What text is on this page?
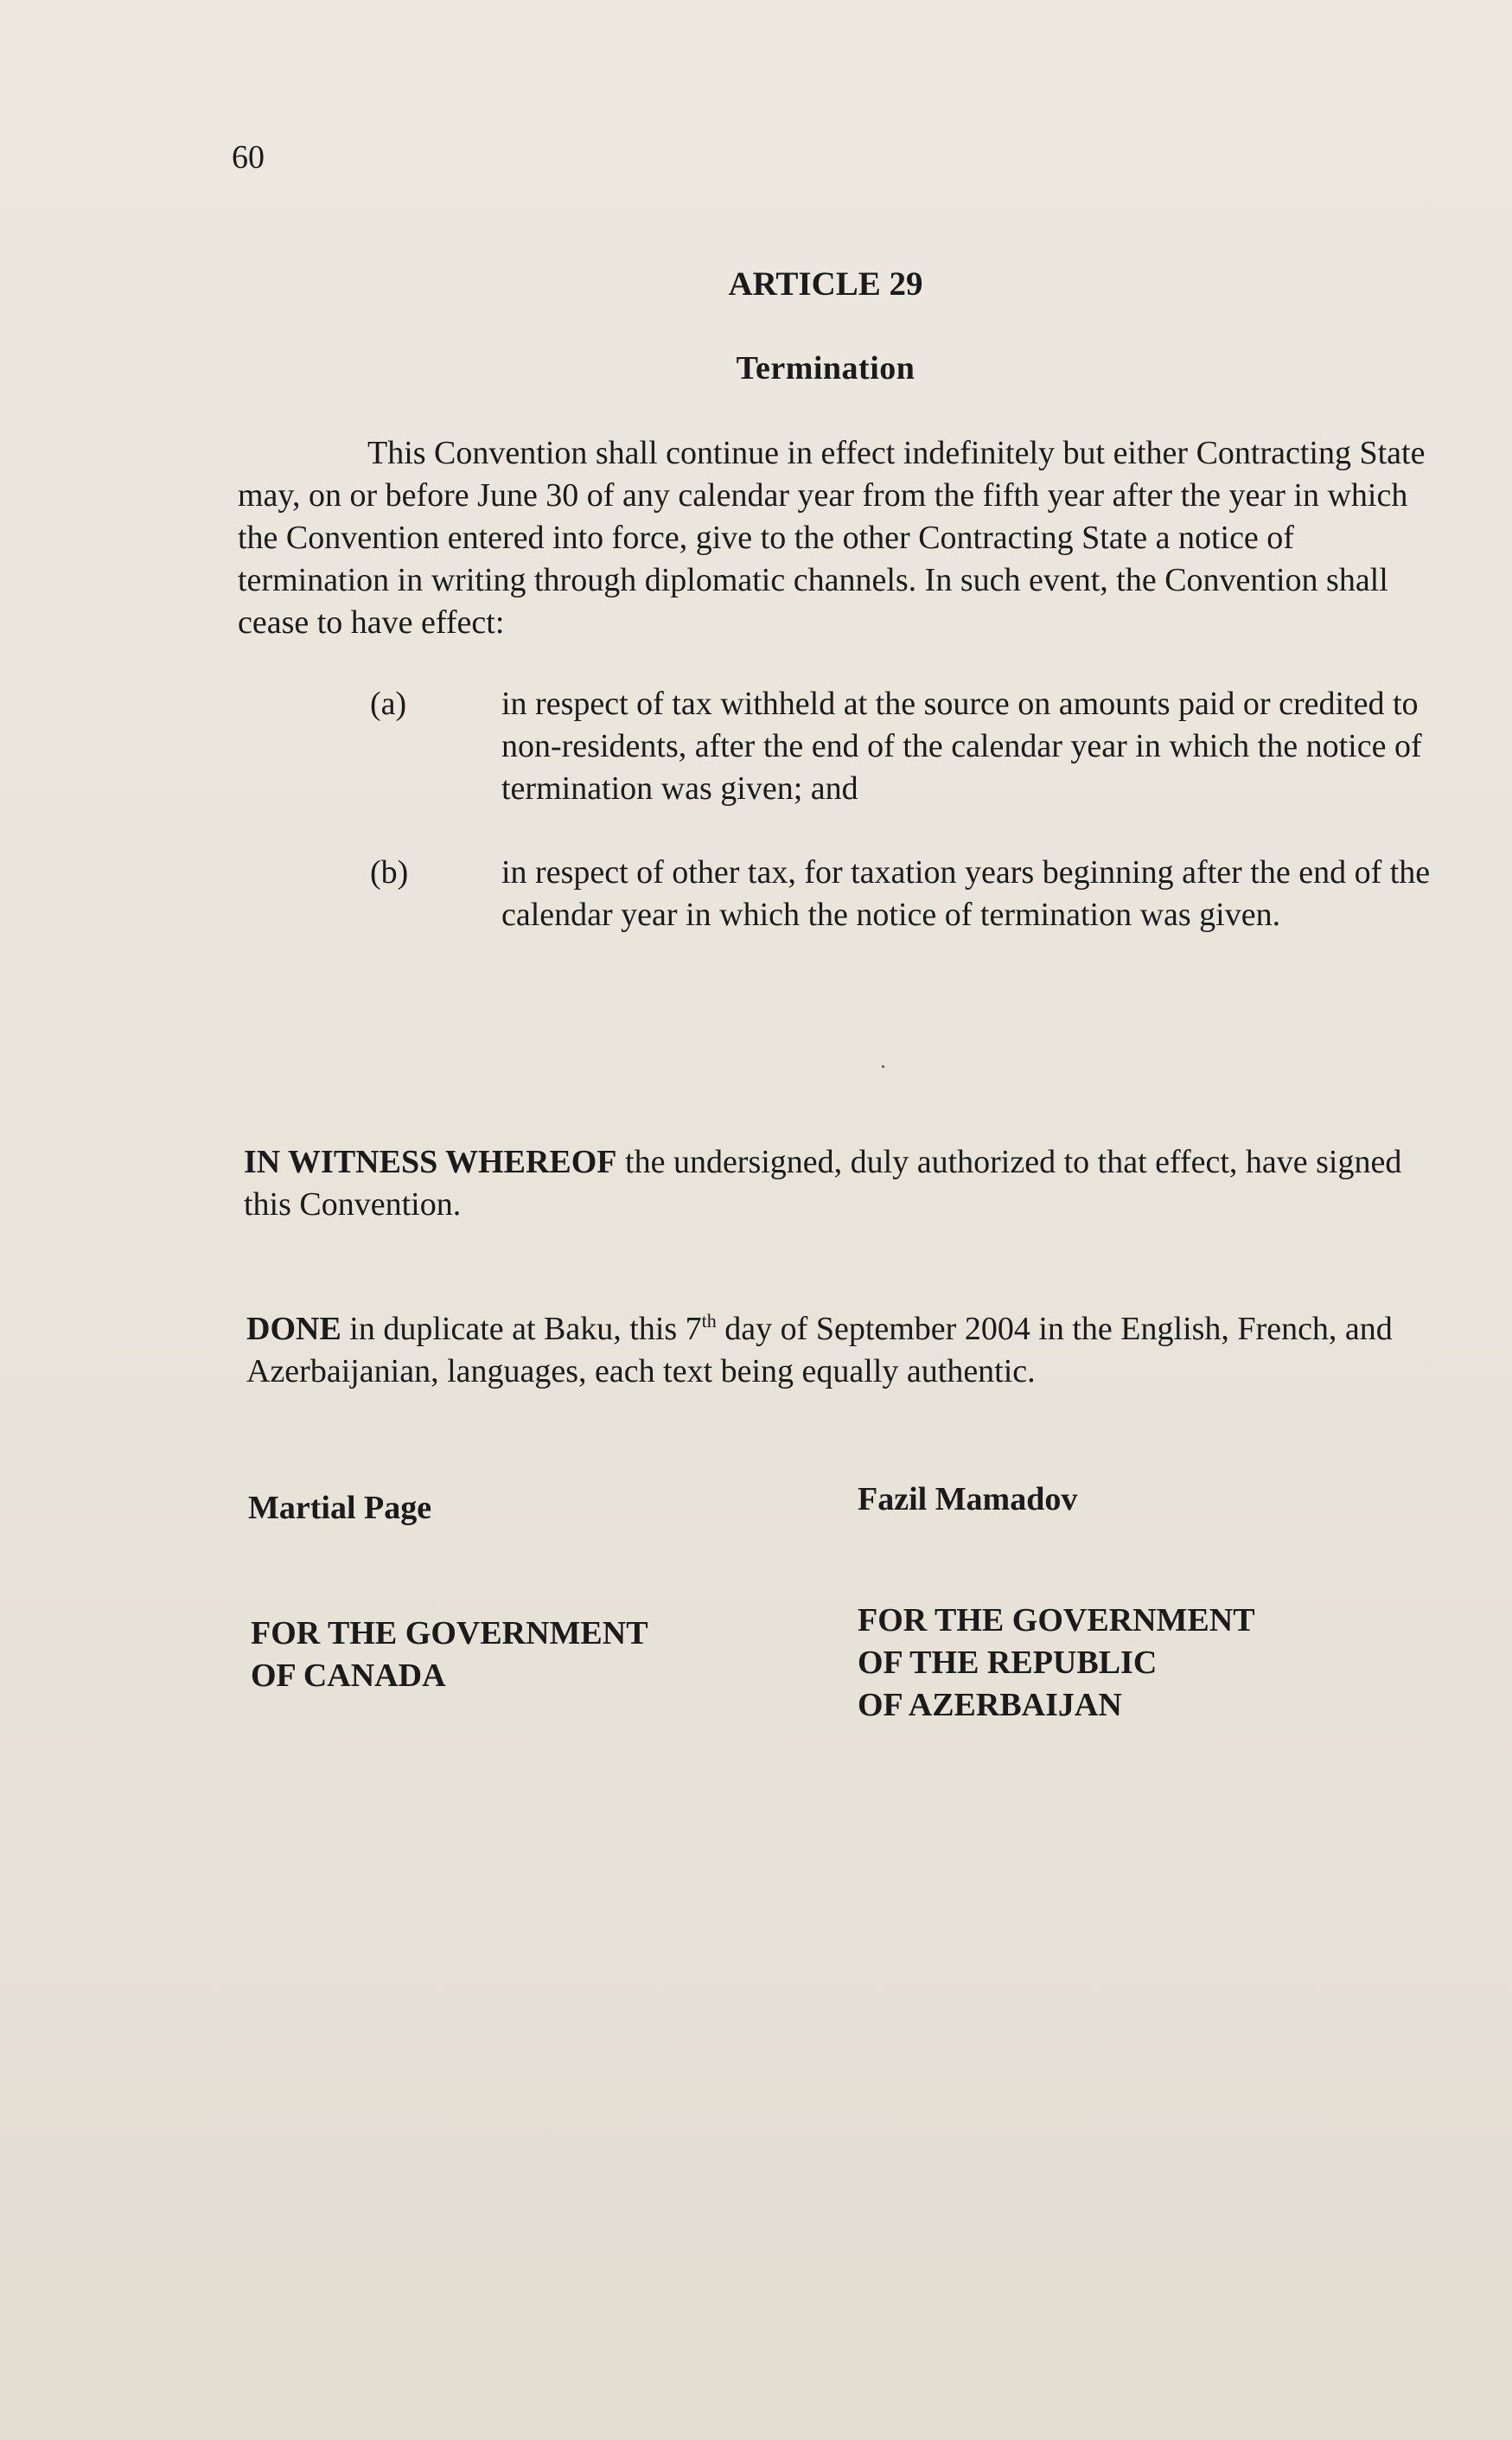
60
ARTICLE 29
Termination
This Convention shall continue in effect indefinitely but either Contracting State may, on or before June 30 of any calendar year from the fifth year after the year in which the Convention entered into force, give to the other Contracting State a notice of termination in writing through diplomatic channels. In such event, the Convention shall cease to have effect:
(a)	in respect of tax withheld at the source on amounts paid or credited to non-residents, after the end of the calendar year in which the notice of termination was given; and
(b)	in respect of other tax, for taxation years beginning after the end of the calendar year in which the notice of termination was given.
IN WITNESS WHEREOF the undersigned, duly authorized to that effect, have signed this Convention.
DONE in duplicate at Baku, this 7th day of September 2004 in the English, French, and Azerbaijanian, languages, each text being equally authentic.
Martial Page	Fazil Mamadov
FOR THE GOVERNMENT
OF CANADA
FOR THE GOVERNMENT
OF THE REPUBLIC
OF AZERBAIJAN
